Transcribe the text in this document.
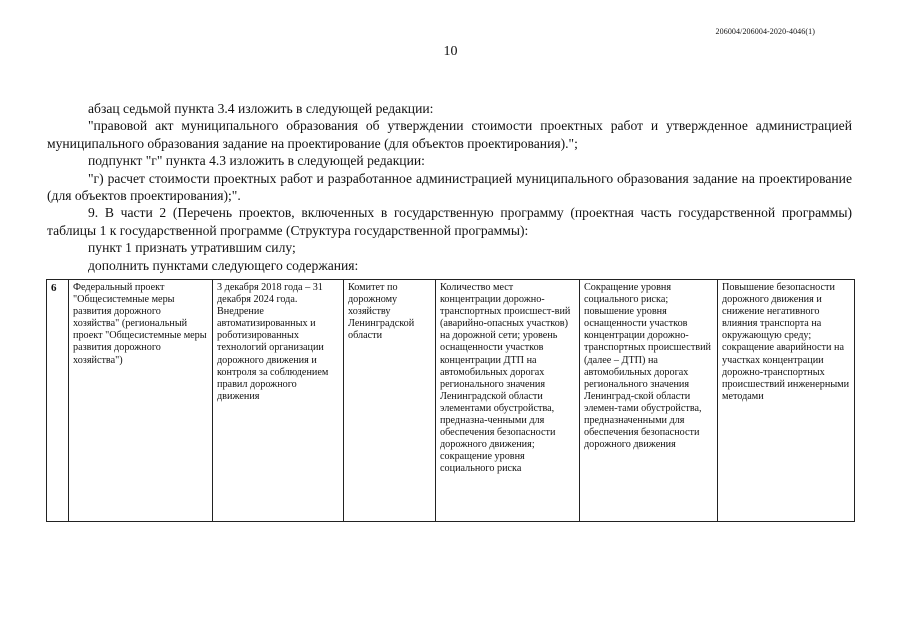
206004/206004-2020-4046(1)
10

абзац седьмой пункта 3.4 изложить в следующей редакции:

"правовой акт муниципального образования об утверждении стоимости проектных работ и утвержденное администрацией муниципального образования задание на проектирование (для объектов проектирования).";

подпункт "г" пункта 4.3 изложить в следующей редакции:

"г) расчет стоимости проектных работ и разработанное администрацией муниципального образования задание на проектирование (для объектов проектирования);".

9. В части 2 (Перечень проектов, включенных в государственную программу (проектная часть государственной программы) таблицы 1 к государственной программе (Структура государственной программы):

пункт 1 признать утратившим силу;

дополнить пунктами следующего содержания:

6	Федеральный проект "Общесистемные меры развития дорожного хозяйства" (региональный проект "Общесистемные меры развития дорожного хозяйства")	3 декабря 2018 года – 31 декабря 2024 года. Внедрение автоматизированных и роботизированных технологий организации дорожного движения и контроля за соблюдением правил дорожного движения	Комитет по дорожному хозяйству Ленинградской области	Количество мест концентрации дорожно-транспортных происшест-вий (аварийно-опасных участков) на дорожной сети; уровень оснащенности участков концентрации ДТП на автомобильных дорогах регионального значения Ленинградской области элементами обустройства, предназна-ченными для обеспечения безопасности дорожного движения; сокращение уровня социального риска	Сокращение уровня социального риска; повышение уровня оснащенности участков концентрации дорожно-транспортных происшествий (далее – ДТП) на автомобильных дорогах регионального значения Ленинград-ской области элемен-тами обустройства, предназначенными для обеспечения безопасности дорожного движения	Повышение безопасности дорожного движения и снижение негативного влияния транспорта на окружающую среду; сокращение аварийности на участках концентрации дорожно-транспортных происшествий инженерными методами
